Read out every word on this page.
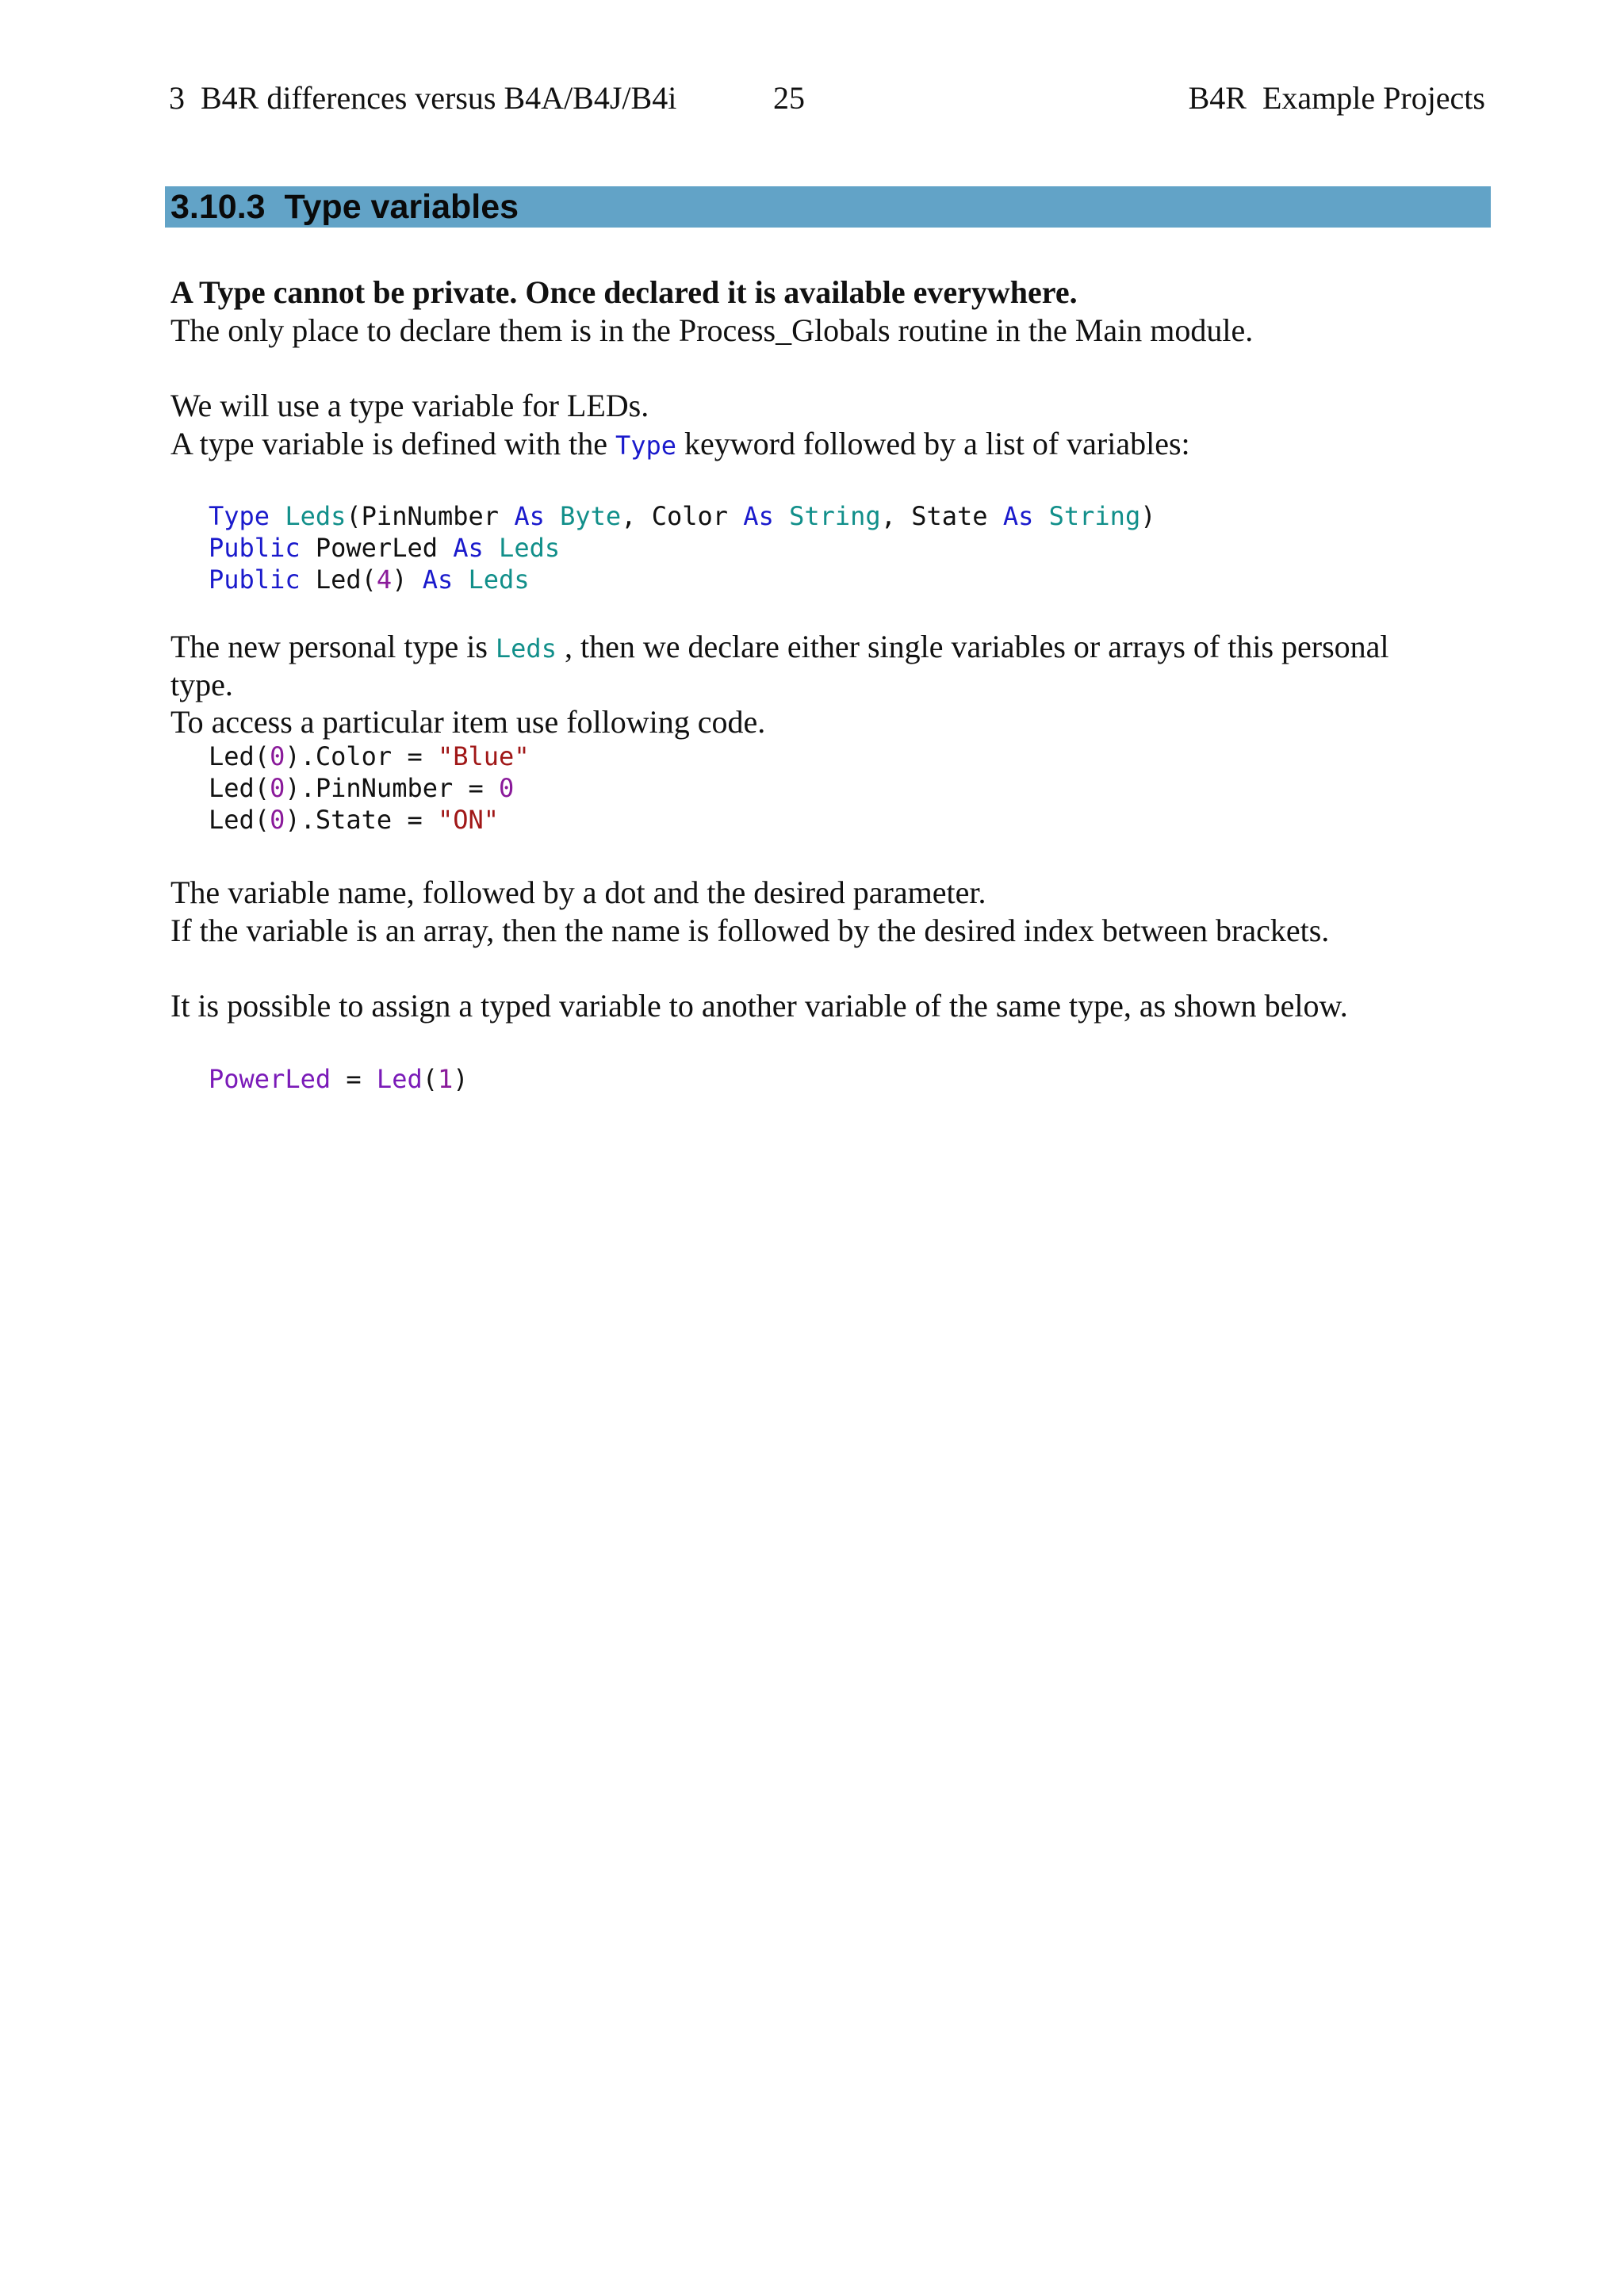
3  B4R differences versus B4A/B4J/B4i	25	B4R  Example Projects
3.10.3  Type variables
A Type cannot be private. Once declared it is available everywhere.
The only place to declare them is in the Process_Globals routine in the Main module.
We will use a type variable for LEDs.
A type variable is defined with the Type keyword followed by a list of variables:
Type Leds(PinNumber As Byte, Color As String, State As String)
Public PowerLed As Leds
Public Led(4) As Leds
The new personal type is Leds , then we declare either single variables or arrays of this personal
type.
To access a particular item use following code.
Led(0).Color = "Blue"
Led(0).PinNumber = 0
Led(0).State = "ON"
The variable name, followed by a dot and the desired parameter.
If the variable is an array, then the name is followed by the desired index between brackets.
It is possible to assign a typed variable to another variable of the same type, as shown below.
PowerLed = Led(1)
